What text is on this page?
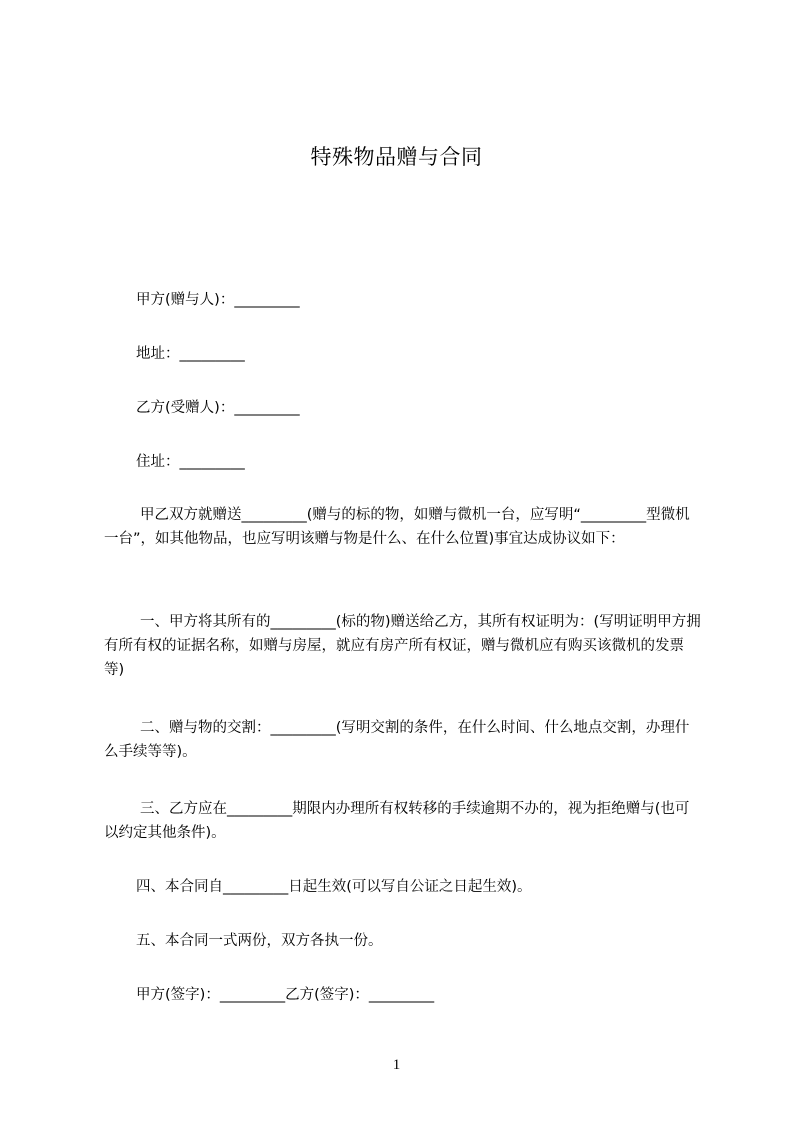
特殊物品赠与合同
甲方(赠与人)：_________
地址：_________
乙方(受赠人)：_________
住址：_________
甲乙双方就赠送_________(赠与的标的物，如赠与微机一台，应写明“_________型微机一台”，如其他物品，也应写明该赠与物是什么、在什么位置)事宜达成协议如下：
一、甲方将其所有的_________(标的物)赠送给乙方，其所有权证明为：(写明证明甲方拥有所有权的证据名称，如赠与房屋，就应有房产所有权证，赠与微机应有购买该微机的发票等)
二、赠与物的交割：_________(写明交割的条件，在什么时间、什么地点交割，办理什么手续等等)。
三、乙方应在_________期限内办理所有权转移的手续逾期不办的，视为拒绝赠与(也可以约定其他条件)。
四、本合同自_________日起生效(可以写自公证之日起生效)。
五、本合同一式两份，双方各执一份。
甲方(签字)：_________乙方(签字)：_________
1
